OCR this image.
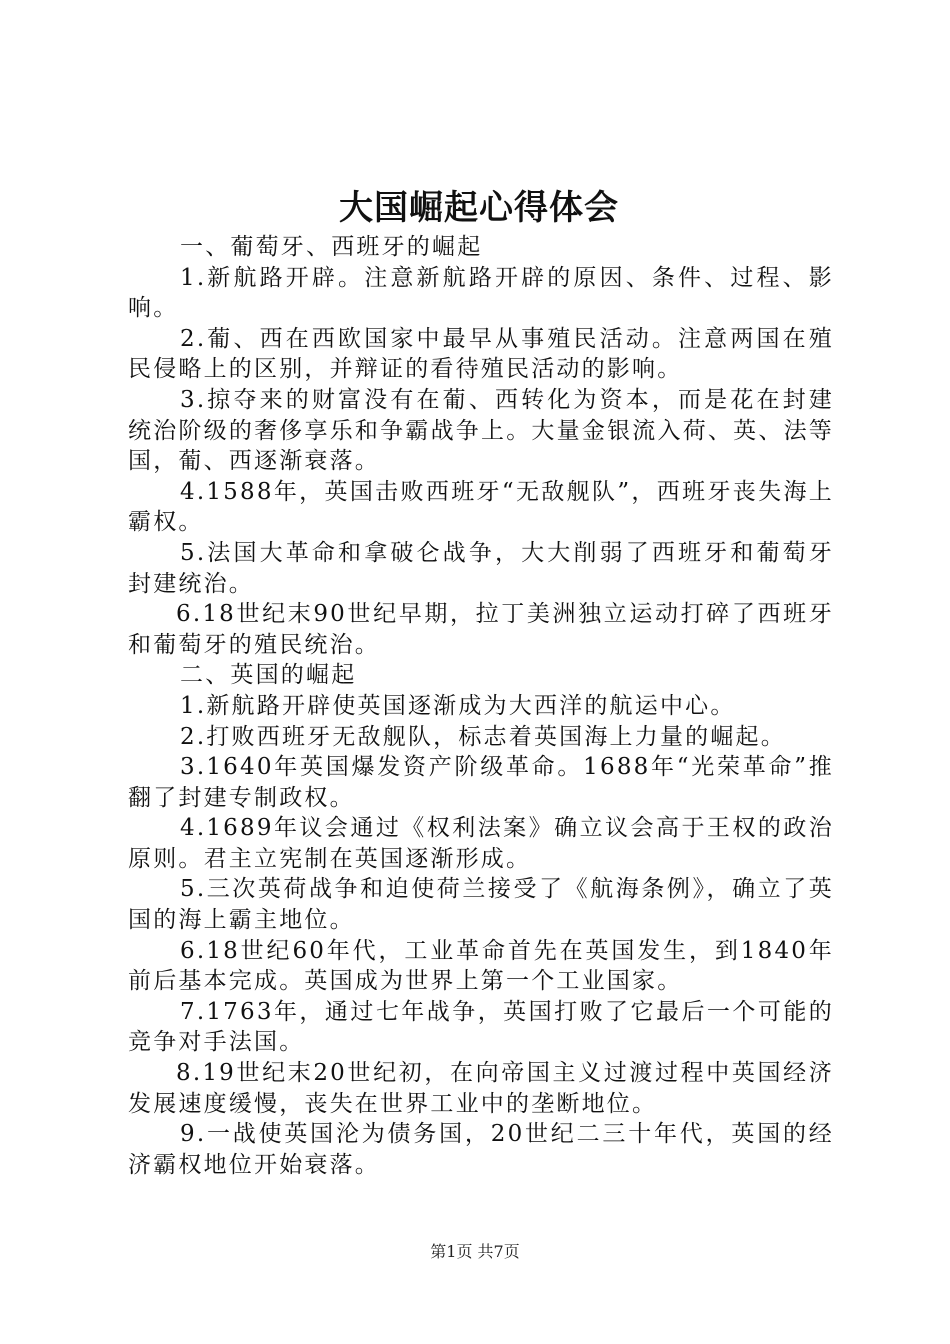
大国崛起心得体会

一、葡萄牙、西班牙的崛起

1.新航路开辟。注意新航路开辟的原因、条件、过程、影响。

2.葡、西在西欧国家中最早从事殖民活动。注意两国在殖民侵略上的区别，并辩证的看待殖民活动的影响。

3.掠夺来的财富没有在葡、西转化为资本，而是花在封建统治阶级的奢侈享乐和争霸战争上。大量金银流入荷、英、法等国，葡、西逐渐衰落。

4.1588年，英国击败西班牙“无敌舰队”，西班牙丧失海上霸权。

5.法国大革命和拿破仑战争，大大削弱了西班牙和葡萄牙封建统治。

6.18世纪末90世纪早期，拉丁美洲独立运动打碎了西班牙和葡萄牙的殖民统治。

二、英国的崛起

1.新航路开辟使英国逐渐成为大西洋的航运中心。

2.打败西班牙无敌舰队，标志着英国海上力量的崛起。

3.1640年英国爆发资产阶级革命。1688年“光荣革命”推翻了封建专制政权。

4.1689年议会通过《权利法案》确立议会高于王权的政治原则。君主立宪制在英国逐渐形成。

5.三次英荷战争和迫使荷兰接受了《航海条例》，确立了英国的海上霸主地位。

6.18世纪60年代，工业革命首先在英国发生，到1840年前后基本完成。英国成为世界上第一个工业国家。

7.1763年，通过七年战争，英国打败了它最后一个可能的竞争对手法国。

8.19世纪末20世纪初，在向帝国主义过渡过程中英国经济发展速度缓慢，丧失在世界工业中的垄断地位。

9.一战使英国沦为债务国，20世纪二三十年代，英国的经济霸权地位开始衰落。

第1页 共7页
